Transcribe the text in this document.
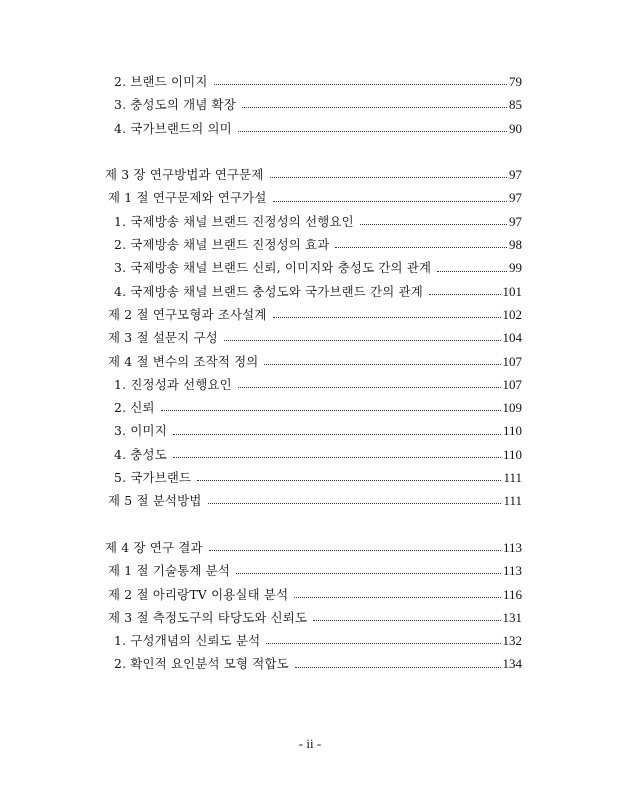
2. 브랜드 이미지	79
3. 충성도의 개념 확장	85
4. 국가브랜드의 의미	90
제 3 장 연구방법과 연구문제	97
제 1 절 연구문제와 연구가설	97
1. 국제방송 채널 브랜드 진정성의 선행요인	97
2. 국제방송 채널 브랜드 진정성의 효과	98
3. 국제방송 채널 브랜드 신뢰, 이미지와 충성도 간의 관계	99
4. 국제방송 채널 브랜드 충성도와 국가브랜드 간의 관계	101
제 2 절 연구모형과 조사설계	102
제 3 절 설문지 구성	104
제 4 절 변수의 조작적 정의	107
1. 진정성과 선행요인	107
2. 신뢰	109
3. 이미지	110
4. 충성도	110
5. 국가브랜드	111
제 5 절 분석방법	111
제 4 장 연구 결과	113
제 1 절 기술통계 분석	113
제 2 절 아리랑TV 이용실태 분석	116
제 3 절 측정도구의 타당도와 신뢰도	131
1. 구성개념의 신뢰도 분석	132
2. 확인적 요인분석 모형 적합도	134
- ii -
